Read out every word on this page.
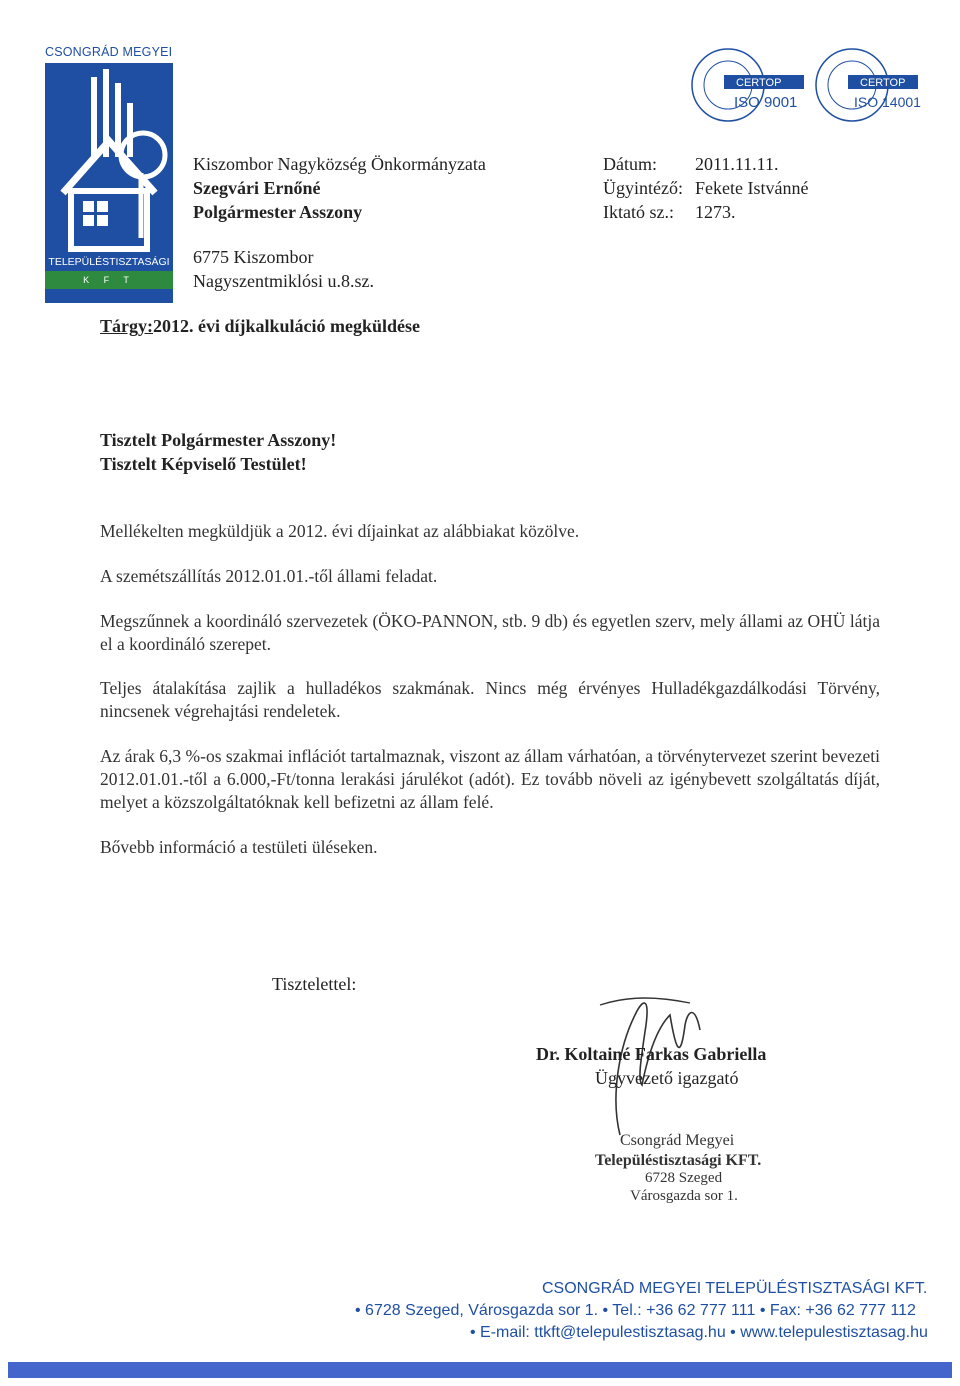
CSONGRÁD MEGYEI
TELEPÜLÉSTISZTASÁGI
K F T
CERTOP
ISO 9001
CERTOP
ISO 14001
Kiszombor Nagyközség Önkormányzata
Szegvári Ernőné
Polgármester Asszony
6775 Kiszombor
Nagyszentmiklósi u.8.sz.
Dátum: 2011.11.11.
Ügyintéző: Fekete Istvánné
Iktató sz.: 1273.
Tárgy:2012. évi díjkalkuláció megküldése
Tisztelt Polgármester Asszony!
Tisztelt Képviselő Testület!
Mellékelten megküldjük a 2012. évi díjainkat az alábbiakat közölve.
A szemétszállítás 2012.01.01.-től állami feladat.
Megszűnnek a koordináló szervezetek (ÖKO-PANNON, stb. 9 db) és egyetlen szerv, mely állami az OHÜ látja el a koordináló szerepet.
Teljes átalakítása zajlik a hulladékos szakmának. Nincs még érvényes Hulladékgazdálkodási Törvény, nincsenek végrehajtási rendeletek.
Az árak 6,3 %-os szakmai inflációt tartalmaznak, viszont az állam várhatóan, a törvénytervezet szerint bevezeti 2012.01.01.-től a 6.000,-Ft/tonna lerakási járulékot (adót). Ez tovább növeli az igénybevett szolgáltatás díját, melyet a közszolgáltatóknak kell befizetni az állam felé.
Bővebb információ a testületi üléseken.
Tisztelettel:
Dr. Koltainé Farkas Gabriella
Ügyvezető igazgató
Csongrád Megyei
Településtisztasági KFT.
6728 Szeged
Városgazda sor 1.
CSONGRÁD MEGYEI TELEPÜLÉSTISZTASÁGI KFT.
• 6728 Szeged, Városgazda sor 1. • Tel.: +36 62 777 111 • Fax: +36 62 777 112
• E-mail: ttkft@telepulestisztasag.hu • www.telepulestisztasag.hu
